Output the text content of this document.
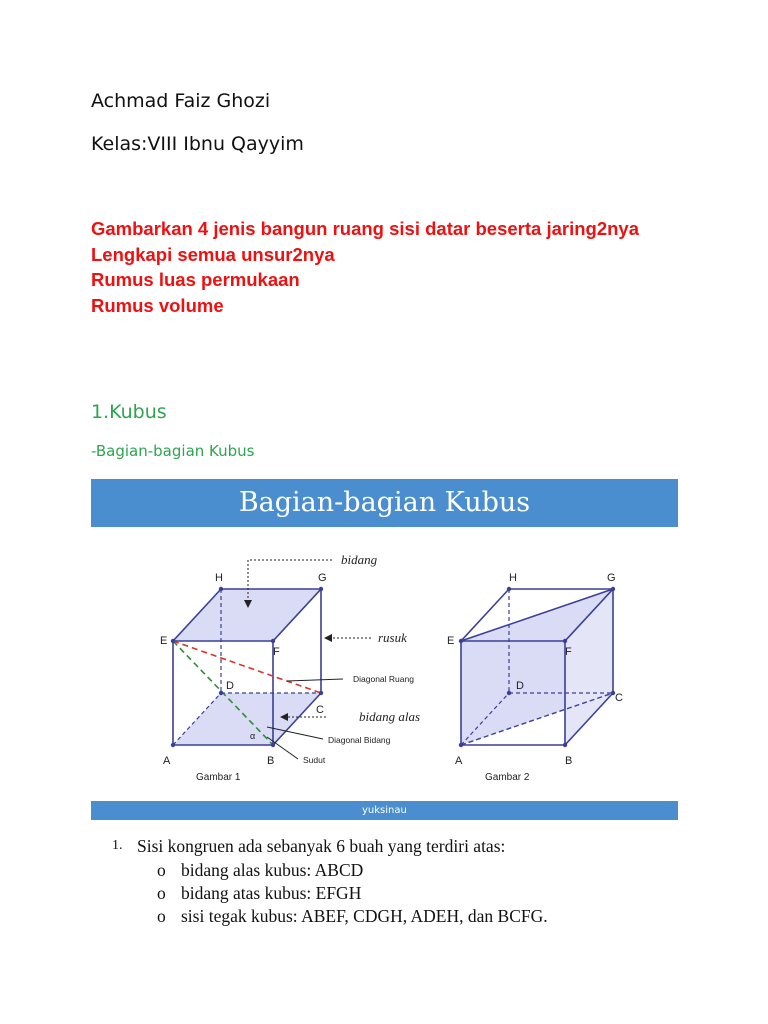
Achmad Faiz Ghozi
Kelas:VIII Ibnu Qayyim
Gambarkan 4 jenis bangun ruang sisi datar beserta jaring2nya
Lengkapi semua unsur2nya
Rumus luas permukaan
Rumus volume
1.Kubus
-Bagian-bagian Kubus
Bagian-bagian Kubus
H	G
E
F
D
C
A	B
α
bidang
rusuk
bidang alas
Diagonal Ruang
Diagonal Bidang
Sudut
Gambar 1
H	G
E
F
D
C
A	B
Gambar 2
yuksinau
1. Sisi kongruen ada sebanyak 6 buah yang terdiri atas:
o bidang alas kubus: ABCD
o bidang atas kubus: EFGH
o sisi tegak kubus: ABEF, CDGH, ADEH, dan BCFG.
